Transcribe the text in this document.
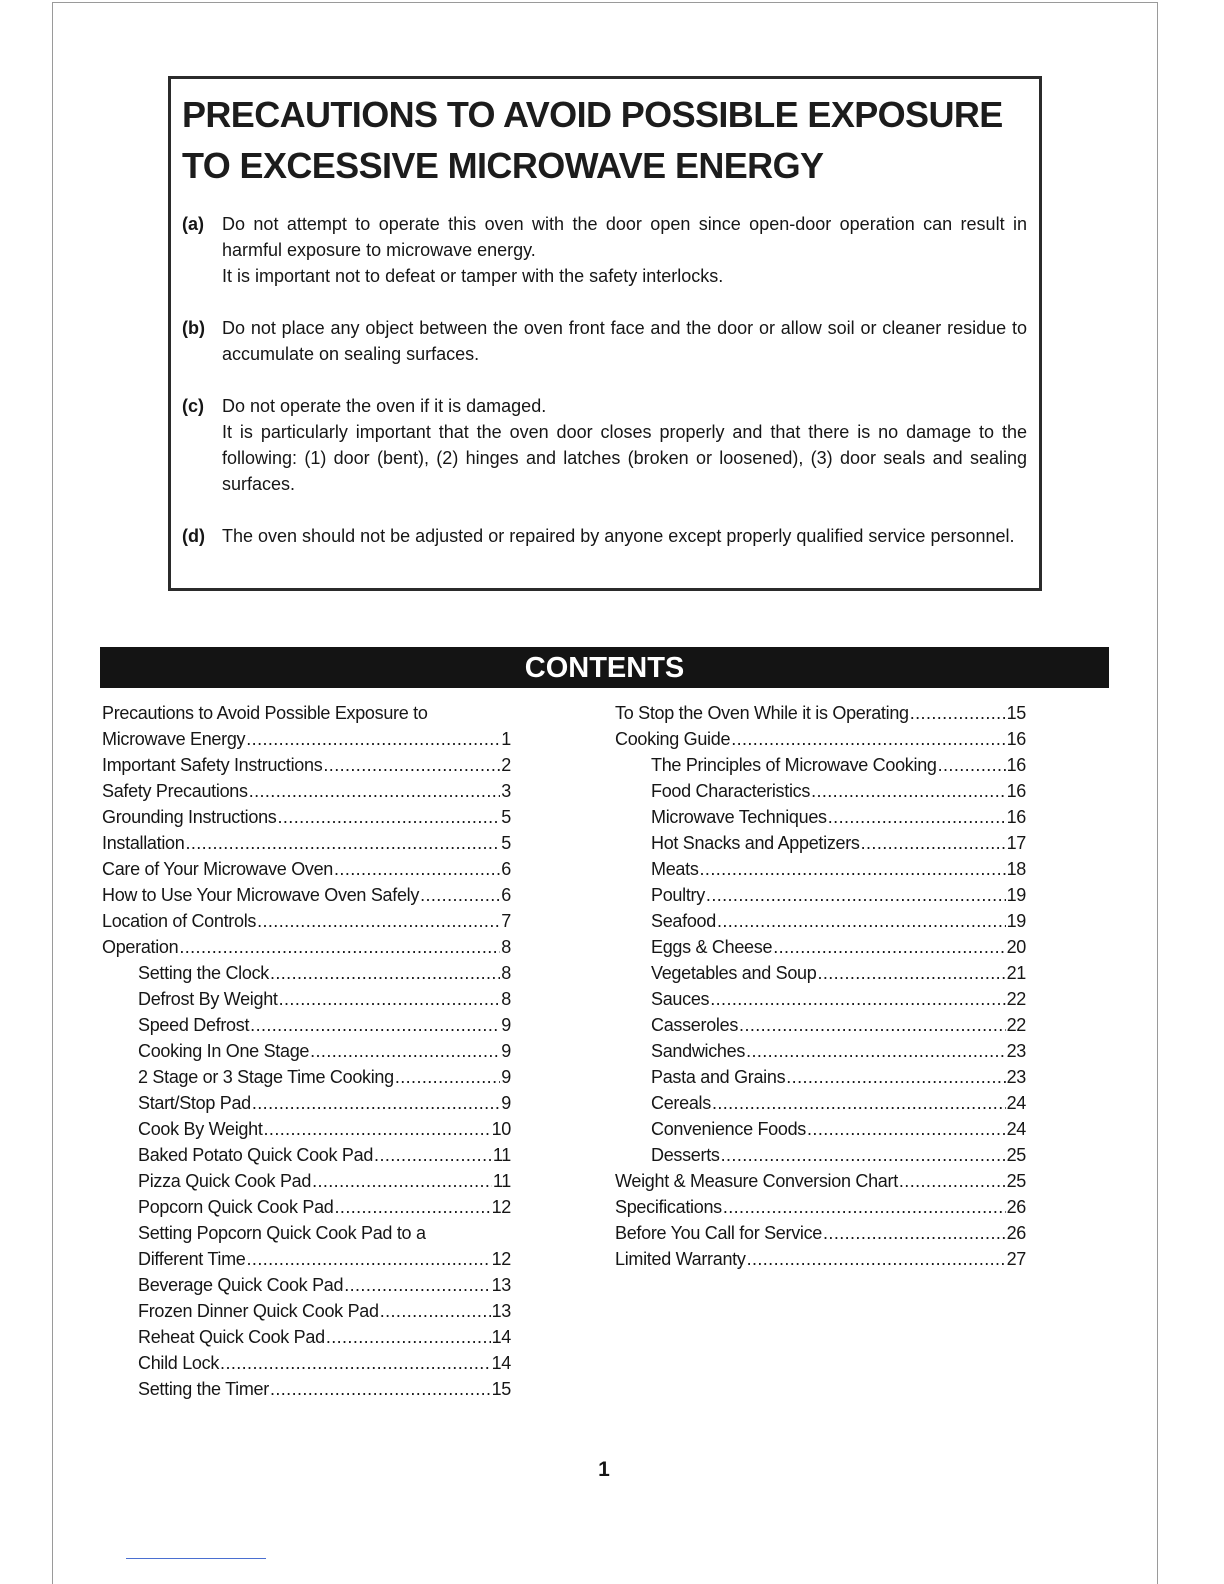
PRECAUTIONS TO AVOID POSSIBLE EXPOSURE
TO EXCESSIVE MICROWAVE ENERGY
(a)	Do not attempt to operate this oven with the door open since open-door operation can result in harmful exposure to microwave energy.

It is important not to defeat or tamper with the safety interlocks.

(b) Do not place any object between the oven front face and the door or allow soil or cleaner residue to accumulate on sealing surfaces.

(c)	Do not operate the oven if it is damaged.

It is particularly important that the oven door closes properly and that there is no damage to the following: (1) door (bent), (2) hinges and latches (broken or loosened), (3) door seals and sealing surfaces.

(d) The oven should not be adjusted or repaired by anyone except properly qualified service personnel.

CONTENTS
Precautions to Avoid Possible Exposure to
Microwave Energy .....	1
Important Safety Instructions .....	2
Safety Precautions .....	3
Grounding Instructions .....	5
Installation .....	5
Care of Your Microwave Oven .....	6
How to Use Your Microwave Oven Safely .....	6
Location of Controls .....	7
Operation .....	8
Setting the Clock .....	8
Defrost By Weight .....	8
Speed Defrost .....	9
Cooking In One Stage .....	9
2 Stage or 3 Stage Time Cooking .....	9
Start/Stop Pad .....	9
Cook By Weight .....	10
Baked Potato Quick Cook Pad .....	11
Pizza Quick Cook Pad .....	11
Popcorn Quick Cook Pad .....	12
Setting Popcorn Quick Cook Pad to a
Different Time .....	12
Beverage Quick Cook Pad .....	13
Frozen Dinner Quick Cook Pad .....	13
Reheat Quick Cook Pad .....	14
Child Lock .....	14
Setting the Timer .....	15
To Stop the Oven While it is Operating .....	15
Cooking Guide .....	16
The Principles of Microwave Cooking .....	16
Food Characteristics .....	16
Microwave Techniques .....	16
Hot Snacks and Appetizers .....	17
Meats .....	18
Poultry .....	19
Seafood .....	19
Eggs & Cheese .....	20
Vegetables and Soup .....	21
Sauces .....	22
Casseroles .....	22
Sandwiches .....	23
Pasta and Grains .....	23
Cereals .....	24
Convenience Foods .....	24
Desserts .....	25
Weight & Measure Conversion Chart .....	25
Specifications .....	26
Before You Call for Service .....	26
Limited Warranty .....	27
1
